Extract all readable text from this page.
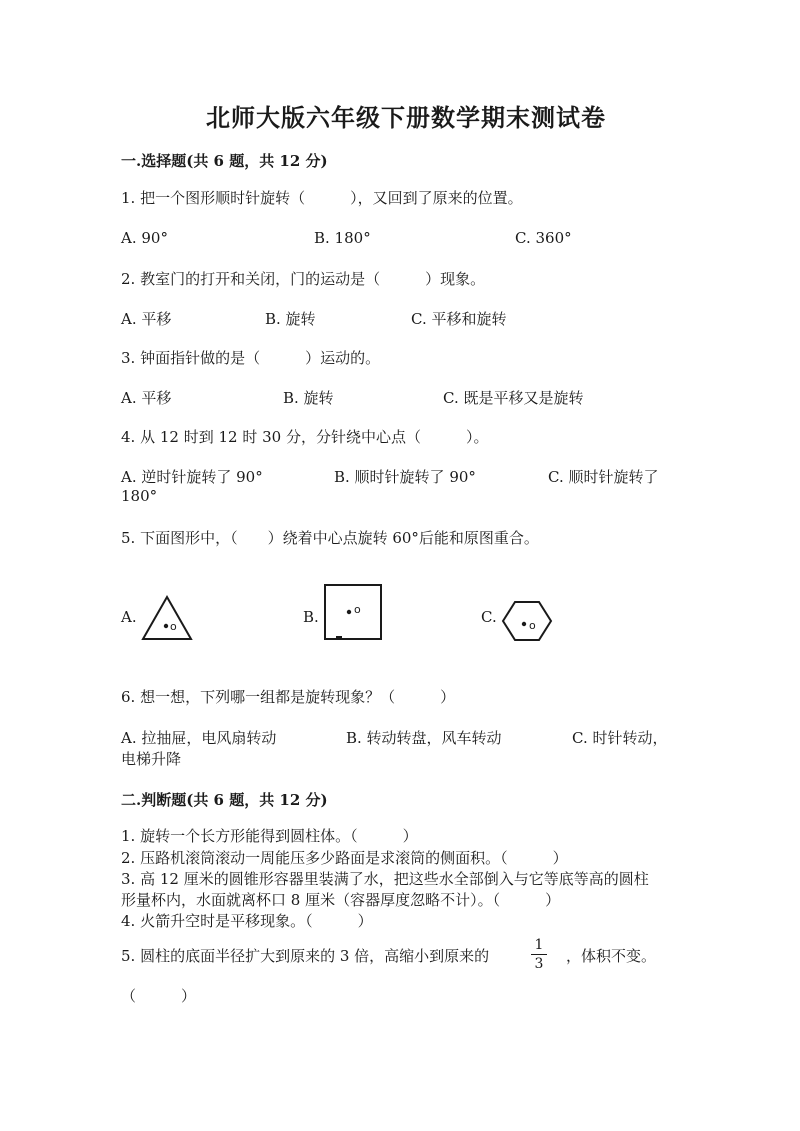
北师大版六年级下册数学期末测试卷
一.选择题(共 6 题，共 12 分)
1. 把一个图形顺时针旋转（　　　），又回到了原来的位置。
A. 90°	B. 180°	C. 360°
2. 教室门的打开和关闭，门的运动是（　　　）现象。
A. 平移	B. 旋转	C. 平移和旋转
3. 钟面指针做的是（　　　）运动的。
A. 平移	B. 旋转	C. 既是平移又是旋转
4. 从 12 时到 12 时 30 分，分针绕中心点（　　　）。
A. 逆时针旋转了 90°	B. 顺时针旋转了 90°	C. 顺时针旋转了
180°
5. 下面图形中，（　　）绕着中心点旋转 60°后能和原图重合。
A.
o
B.	o	C.	o
6. 想一想，下列哪一组都是旋转现象？（　　　）
A. 拉抽屉，电风扇转动	B. 转动转盘，风车转动	C. 时针转动，
电梯升降
二.判断题(共 6 题，共 12 分)
1. 旋转一个长方形能得到圆柱体。（　　　）
2. 压路机滚筒滚动一周能压多少路面是求滚筒的侧面积。（　　　）
3. 高 12 厘米的圆锥形容器里装满了水，把这些水全部倒入与它等底等高的圆柱
形量杯内，水面就离杯口 8 厘米（容器厚度忽略不计）。（　　　）
4. 火箭升空时是平移现象。（　　　）
5. 圆柱的底面半径扩大到原来的 3 倍，高缩小到原来的
1
3 ，体积不变。
（　　　）
